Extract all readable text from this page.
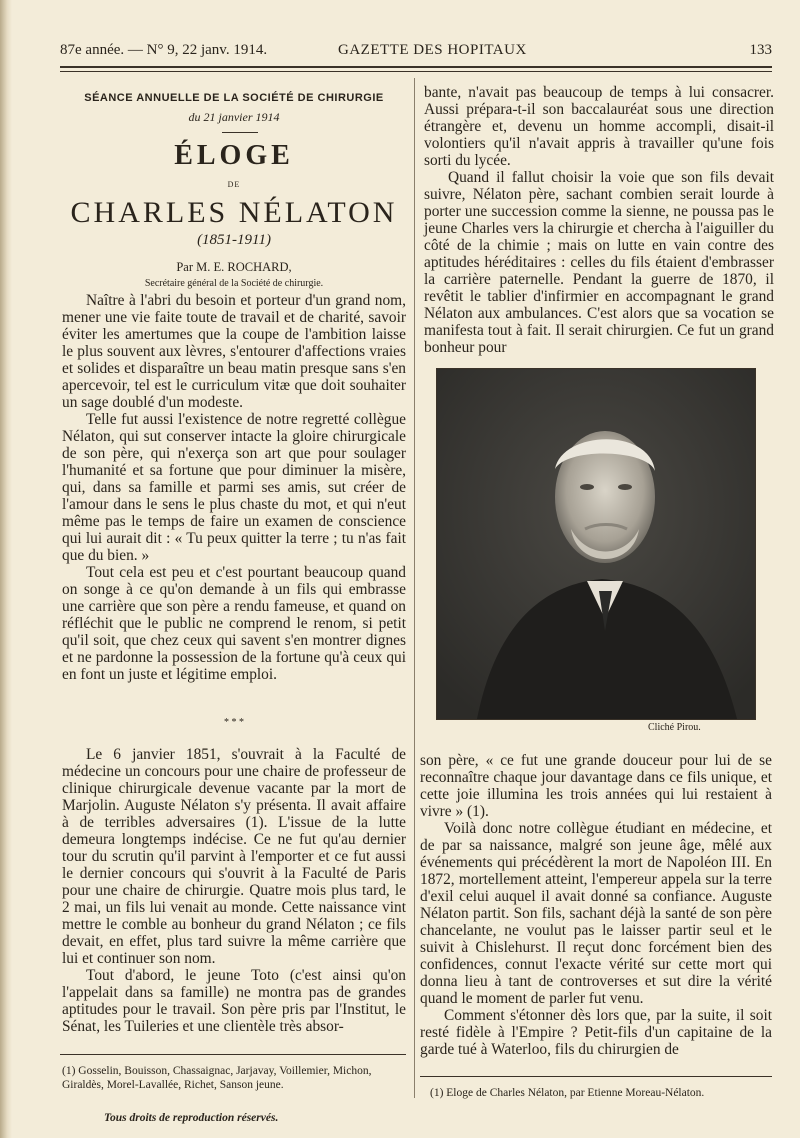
87e année. — N° 9, 22 janv. 1914.	GAZETTE DES HOPITAUX	133
SÉANCE ANNUELLE DE LA SOCIÉTÉ DE CHIRURGIE
du 21 janvier 1914
ÉLOGE
DE
CHARLES NÉLATON
(1851-1911)
Par M. E. ROCHARD,
Secrétaire général de la Société de chirurgie.

Naître à l'abri du besoin et porteur d'un grand nom, mener une vie faite toute de travail et de charité, savoir éviter les amertumes que la coupe de l'ambition laisse le plus souvent aux lèvres, s'entourer d'affections vraies et solides et disparaître un beau matin presque sans s'en apercevoir, tel est le curriculum vitæ que doit souhaiter un sage doublé d'un modeste.

Telle fut aussi l'existence de notre regretté collègue Nélaton, qui sut conserver intacte la gloire chirurgicale de son père, qui n'exerça son art que pour soulager l'humanité et sa fortune que pour diminuer la misère, qui, dans sa famille et parmi ses amis, sut créer de l'amour dans le sens le plus chaste du mot, et qui n'eut même pas le temps de faire un examen de conscience qui lui aurait dit : « Tu peux quitter la terre ; tu n'as fait que du bien. »

Tout cela est peu et c'est pourtant beaucoup quand on songe à ce qu'on demande à un fils qui embrasse une carrière que son père a rendu fameuse, et quand on réfléchit que le public ne comprend le renom, si petit qu'il soit, que chez ceux qui savent s'en montrer dignes et ne pardonne la possession de la fortune qu'à ceux qui en font un juste et légitime emploi.

* * *

Le 6 janvier 1851, s'ouvrait à la Faculté de médecine un concours pour une chaire de professeur de clinique chirurgicale devenue vacante par la mort de Marjolin. Auguste Nélaton s'y présenta. Il avait affaire à de terribles adversaires (1). L'issue de la lutte demeura longtemps indécise. Ce ne fut qu'au dernier tour du scrutin qu'il parvint à l'emporter et ce fut aussi le dernier concours qui s'ouvrit à la Faculté de Paris pour une chaire de chirurgie. Quatre mois plus tard, le 2 mai, un fils lui venait au monde. Cette naissance vint mettre le comble au bonheur du grand Nélaton ; ce fils devait, en effet, plus tard suivre la même carrière que lui et continuer son nom.

Tout d'abord, le jeune Toto (c'est ainsi qu'on l'appelait dans sa famille) ne montra pas de grandes aptitudes pour le travail. Son père pris par l'Institut, le Sénat, les Tuileries et une clientèle très absor-

bante, n'avait pas beaucoup de temps à lui consacrer. Aussi prépara-t-il son baccalauréat sous une direction étrangère et, devenu un homme accompli, disait-il volontiers qu'il n'avait appris à travailler qu'une fois sorti du lycée.

Quand il fallut choisir la voie que son fils devait suivre, Nélaton père, sachant combien serait lourde à porter une succession comme la sienne, ne poussa pas le jeune Charles vers la chirurgie et chercha à l'aiguiller du côté de la chimie ; mais on lutte en vain contre des aptitudes héréditaires : celles du fils étaient d'embrasser la carrière paternelle. Pendant la guerre de 1870, il revêtit le tablier d'infirmier en accompagnant le grand Nélaton aux ambulances. C'est alors que sa vocation se manifesta tout à fait. Il serait chirurgien. Ce fut un grand bonheur pour

Cliché Pirou.

son père, « ce fut une grande douceur pour lui de se reconnaître chaque jour davantage dans ce fils unique, et cette joie illumina les trois années qui lui restaient à vivre » (1).

Voilà donc notre collègue étudiant en médecine, et de par sa naissance, malgré son jeune âge, mêlé aux événements qui précédèrent la mort de Napoléon III. En 1872, mortellement atteint, l'empereur appela sur la terre d'exil celui auquel il avait donné sa confiance. Auguste Nélaton partit. Son fils, sachant déjà la santé de son père chancelante, ne voulut pas le laisser partir seul et le suivit à Chislehurst. Il reçut donc forcément bien des confidences, connut l'exacte vérité sur cette mort qui donna lieu à tant de controverses et sut dire la vérité quand le moment de parler fut venu.

Comment s'étonner dès lors que, par la suite, il soit resté fidèle à l'Empire ? Petit-fils d'un capitaine de la garde tué à Waterloo, fils du chirurgien de

(1) Gosselin, Bouisson, Chassaignac, Jarjavay, Voillemier, Michon, Giraldès, Morel-Lavallée, Richet, Sanson jeune.
(1) Eloge de Charles Nélaton, par Etienne Moreau-Nélaton.
Tous droits de reproduction réservés.
